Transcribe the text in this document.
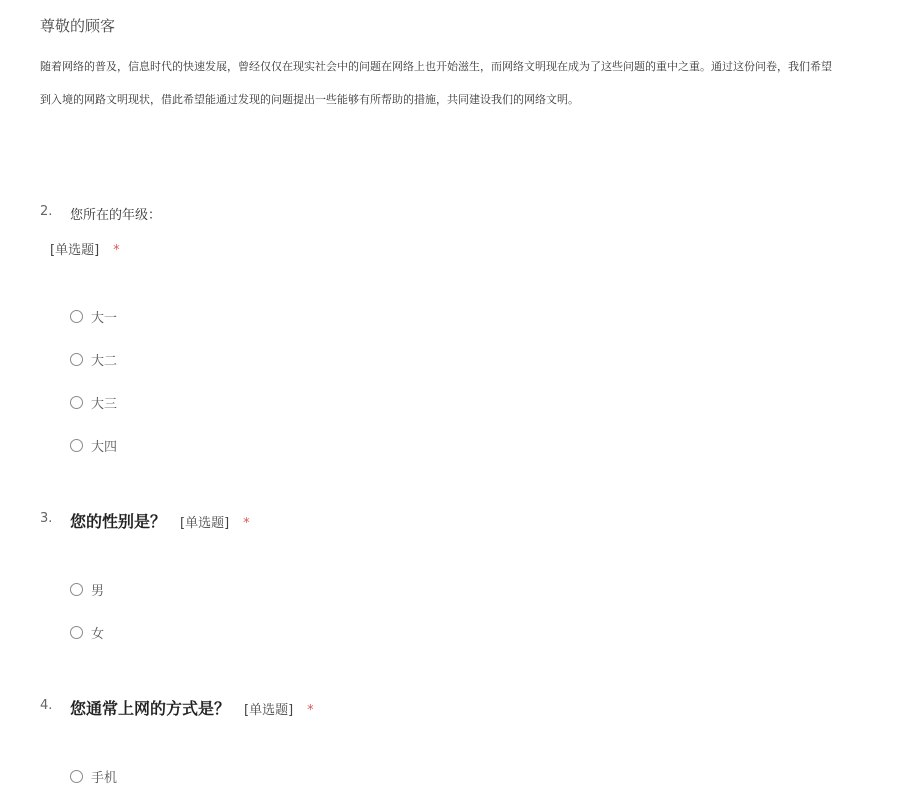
尊敬的顾客
随着网络的普及，信息时代的快速发展，曾经仅仅在现实社会中的问题在网络上也开始滋生，而网络文明现在成为了这些问题的重中之重。通过这份问卷，我们希望
到入境的网路文明现状，借此希望能通过发现的问题提出一些能够有所帮助的措施，共同建设我们的网络文明。
2. 您所在的年级：
[单选题] *
大一
大二
大三
大四
3. 您的性别是？ [单选题] *
男
女
4. 您通常上网的方式是？ [单选题] *
手机
